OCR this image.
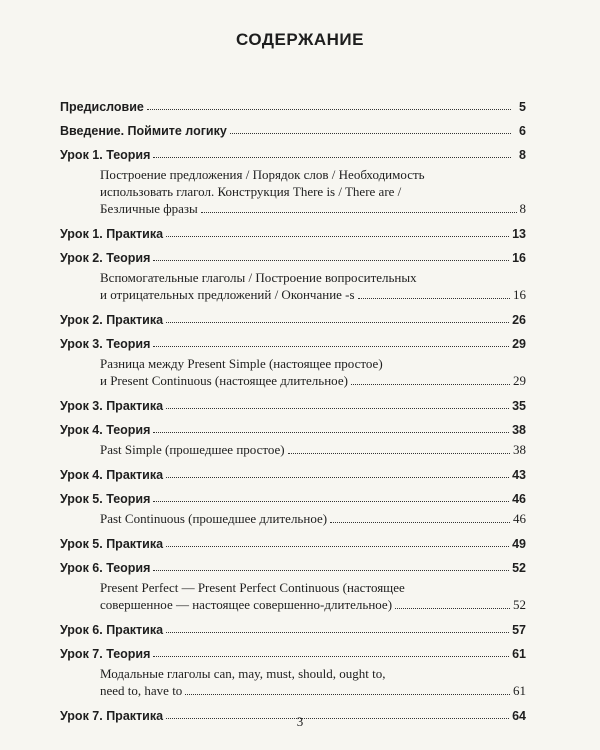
СОДЕРЖАНИЕ
Предисловие	5
Введение. Поймите логику	6
Урок 1. Теория	8
Построение предложения / Порядок слов / Необходимость
использовать глагол. Конструкция There is / There are /
Безличные фразы	8
Урок 1. Практика	13
Урок 2. Теория	16
Вспомогательные глаголы / Построение вопросительных
и отрицательных предложений / Окончание -s	16
Урок 2. Практика	26
Урок 3. Теория	29
Разница между Present Simple (настоящее простое)
и Present Continuous (настоящее длительное)	29
Урок 3. Практика	35
Урок 4. Теория	38
Past Simple (прошедшее простое)	38
Урок 4. Практика	43
Урок 5. Теория	46
Past Continuous (прошедшее длительное)	46
Урок 5. Практика	49
Урок 6. Теория	52
Present Perfect — Present Perfect Continuous (настоящее
совершенное — настоящее совершенно-длительное)	52
Урок 6. Практика	57
Урок 7. Теория	61
Модальные глаголы can, may, must, should, ought to,
need to, have to	61
Урок 7. Практика	64
3
